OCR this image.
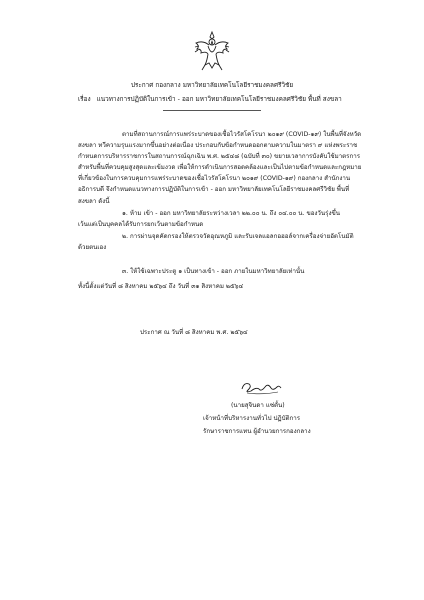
ประกาศ กองกลาง มหาวิทยาลัยเทคโนโลยีราชมงคลศรีวิชัย
เรื่อง แนวทางการปฏิบัติในการเข้า - ออก มหาวิทยาลัยเทคโนโลยีราชมงคลศรีวิชัย พื้นที่ สงขลา
ตามที่สถานการณ์การแพร่ระบาดของเชื้อไวรัสโคโรนา ๒๐๑๙ (COVID-๑๙) ในพื้นที่จังหวัด
สงขลา ทวีความรุนแรงมากขึ้นอย่างต่อเนื่อง ประกอบกับข้อกำหนดออกตามความในมาตรา ๙ แห่งพระราช
กำหนดการบริหารราชการในสถานการณ์ฉุกเฉิน พ.ศ. ๒๕๔๘ (ฉบับที่ ๓๐) ขยายเวลาการบังคับใช้มาตรการ
สำหรับพื้นที่ควบคุมสูงสุดและเข้มงวด เพื่อให้การดำเนินการสอดคล้องและเป็นไปตามข้อกำหนดและกฎหมาย
ที่เกี่ยวข้องในการควบคุมการแพร่ระบาดของเชื้อไวรัสโคโรนา ๒๐๑๙ (COVID-๑๙) กองกลาง สำนักงาน
อธิการบดี จึงกำหนดแนวทางการปฏิบัติในการเข้า - ออก มหาวิทยาลัยเทคโนโลยีราชมงคลศรีวิชัย พื้นที่
สงขลา ดังนี้
๑. ห้าม เข้า - ออก มหาวิทยาลัยระหว่างเวลา ๒๒.๐๐ น. ถึง ๐๔.๐๐ น. ของวันรุ่งขึ้น
เว้นแต่เป็นบุคคลได้รับการยกเว้นตามข้อกำหนด
๒. การผ่านจุดคัดกรองให้ตรวจวัดอุณหภูมิ และรับเจลแอลกอฮอล์จากเครื่องจ่ายอัตโนมัติ
ด้วยตนเอง
๓. ให้ใช้เฉพาะประตู ๑ เป็นทางเข้า - ออก ภายในมหาวิทยาลัยเท่านั้น
ทั้งนี้ตั้งแต่วันที่ ๘ สิงหาคม ๒๕๖๔ ถึง วันที่ ๓๑ สิงหาคม ๒๕๖๔
ประกาศ ณ วันที่ ๘ สิงหาคม พ.ศ. ๒๕๖๔
(นายสุจินดา แซ่ตั้น)
เจ้าหน้าที่บริหารงานทั่วไป ปฏิบัติการ
รักษาราชการแทน ผู้อำนวยการกองกลาง
